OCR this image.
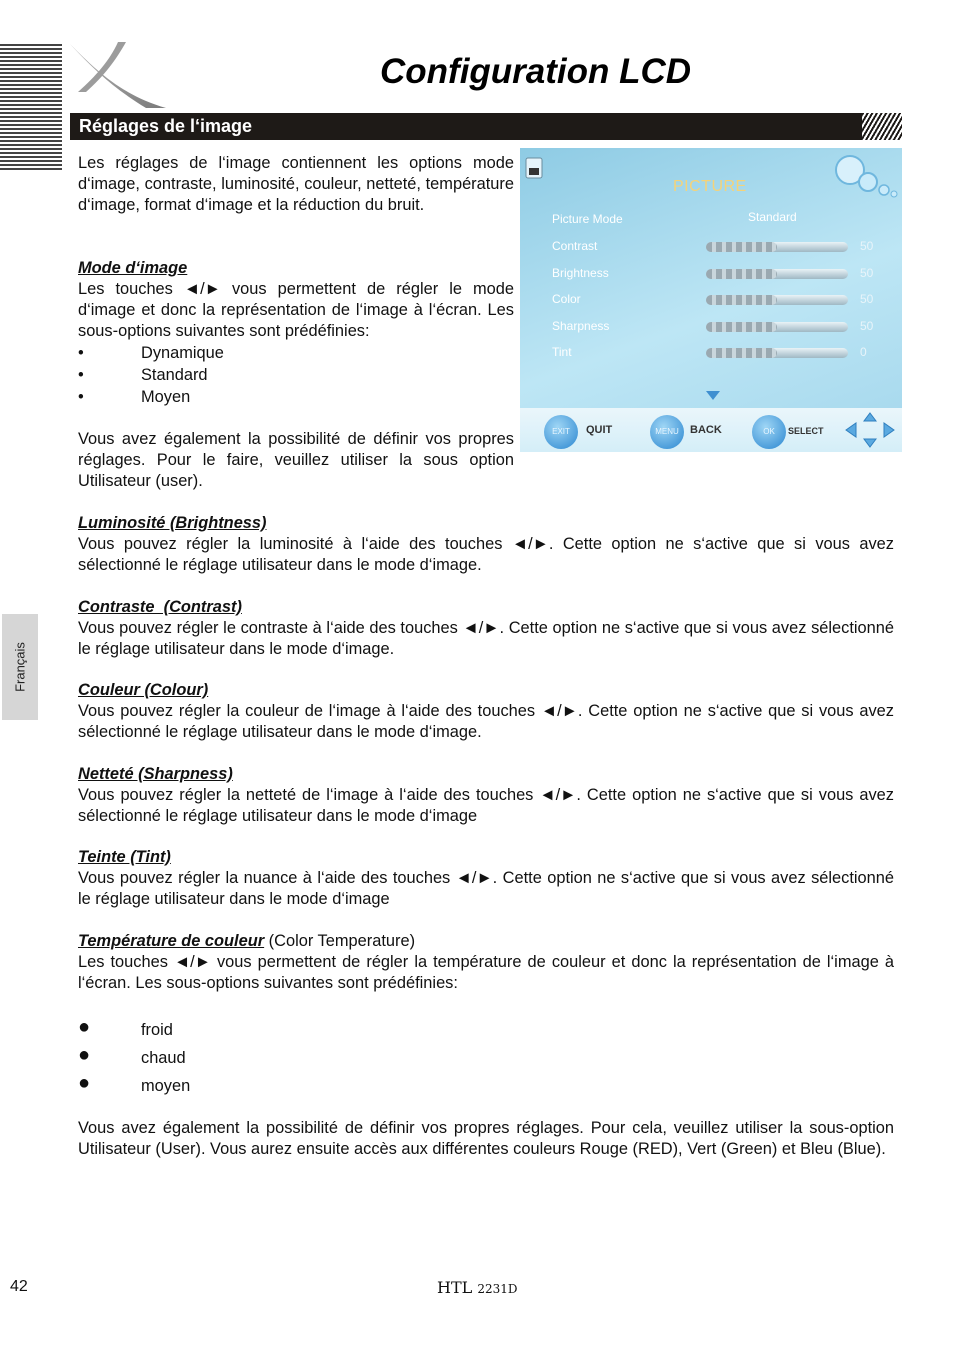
Configuration LCD
Réglages de l‘image
Français

Les réglages de l‘image contiennent les options mode d‘image, contraste, luminosité, couleur, netteté, température d‘image, format d‘image et la réduction du bruit.

Mode d‘image

Les touches ◄/► vous permettent de régler le mode d‘image et donc la représentation de l‘image à l‘écran. Les sous-options suivantes sont prédéfinies:

•	Dynamique
•	Standard
•	Moyen

Vous avez également la possibilité de définir vos propres réglages. Pour le faire, veuillez utiliser la sous option Utilisateur (user).

PICTURE
Picture Mode	Standard
Contrast	50
Brightness	50
Color	50
Sharpness	50
Tint	0
EXIT	QUIT	MENU	BACK	OK	SELECT

Luminosité (Brightness)

Vous pouvez régler la luminosité à l‘aide des touches ◄/►. Cette option ne s‘active que si vous avez sélectionné le réglage utilisateur dans le mode d‘image.

Contraste  (Contrast)

Vous pouvez régler le contraste à l‘aide des touches ◄/►. Cette option ne s‘active que si vous avez sélectionné le réglage utilisateur dans le mode d‘image.

Couleur (Colour)

Vous pouvez régler la couleur de l‘image à l‘aide des touches ◄/►. Cette option ne s‘active que si vous avez sélectionné le réglage utilisateur dans le mode d‘image.

Netteté (Sharpness)

Vous pouvez régler la netteté de l‘image à l‘aide des touches ◄/►. Cette option ne s‘active que si vous avez sélectionné le réglage utilisateur dans le mode d‘image

Teinte (Tint)

Vous pouvez régler la nuance à l‘aide des touches ◄/►. Cette option ne s‘active que si vous avez sélectionné le réglage utilisateur dans le mode d‘image

Température de couleur (Color Temperature)

Les touches ◄/► vous permettent de régler la température de couleur et donc la représentation de l‘image à l‘écran. Les sous-options suivantes sont prédéfinies:

●	froid
●	chaud
●	moyen

Vous avez également la possibilité de définir vos propres réglages. Pour cela, veuillez utiliser la sous-option Utilisateur (User). Vous aurez ensuite accès aux différentes couleurs Rouge (RED), Vert (Green) et Bleu (Blue).

42	HTL 2231D
